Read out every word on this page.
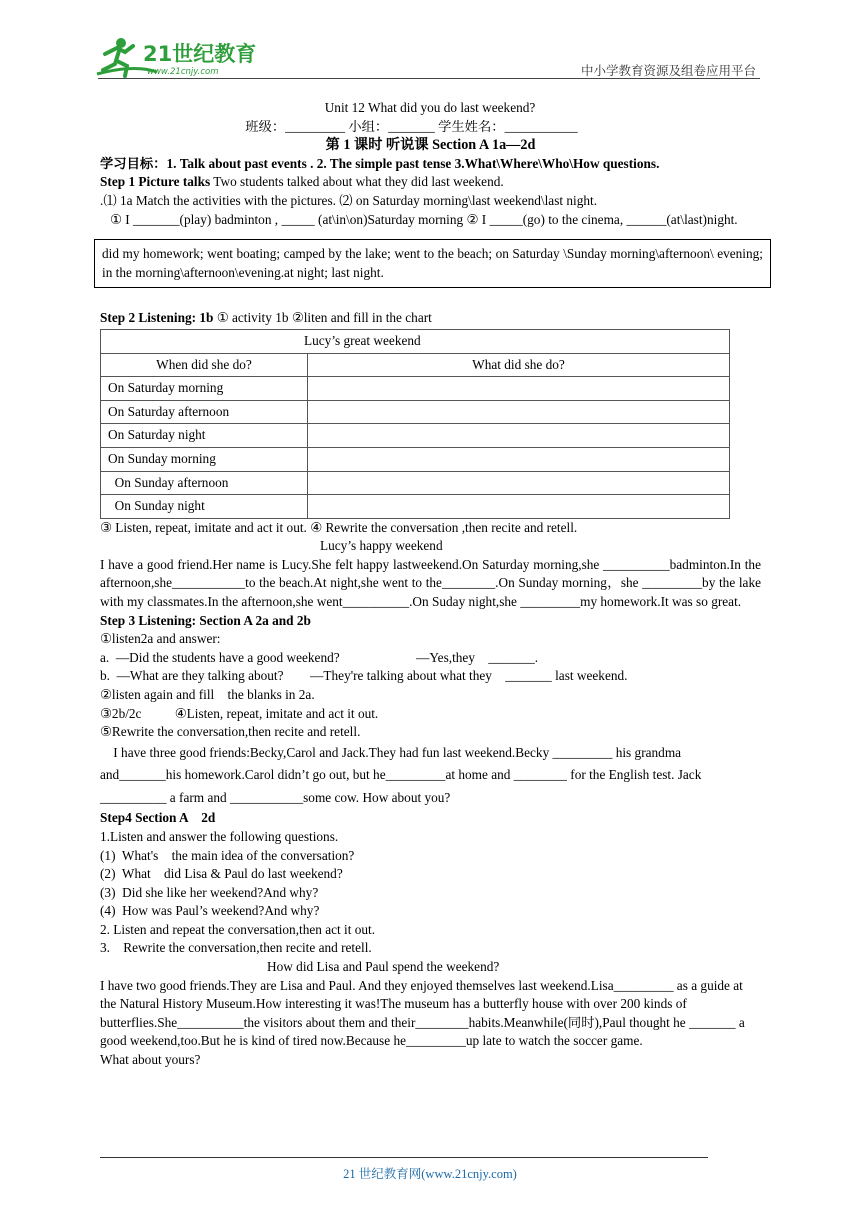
21世纪教育
www.21cnjy.com	中小学教育资源及组卷应用平台

Unit 12 What did you do last weekend?

班级：_________ 小组：_______ 学生姓名：___________

第 1 课时 听说课 Section A 1a—2d

学习目标：1. Talk about past events . 2. The simple past tense 3.What\Where\Who\How questions.

Step 1 Picture talks Two students talked about what they did last weekend.

.⑴ 1a Match the activities with the pictures. ⑵ on Saturday morning\last weekend\last night.

① I _______(play) badminton , _____ (at\in\on)Saturday morning ② I _____(go) to the cinema, ______(at\last)night.

did my homework; went boating; camped by the lake; went to the beach; on Saturday \Sunday morning\afternoon\ evening; in the morning\afternoon\evening.at night; last night.

Step 2 Listening: 1b ① activity 1b ②liten and fill in the chart

Lucy’s great weekend	
When did she do?	What did she do?
On Saturday morning	
On Saturday afternoon	
On Saturday night	
On Sunday morning	
On Sunday afternoon	
On Sunday night	

③ Listen, repeat, imitate and act it out. ④ Rewrite the conversation ,then recite and retell.

Lucy’s happy weekend

I have a good friend.Her name is Lucy.She felt happy lastweekend.On Saturday morning,she __________badminton.In the afternoon,she___________to the beach.At night,she went to the________.On Sunday morning，she _________by the lake with my classmates.In the afternoon,she went__________.On Suday night,she _________my homework.It was so great.

Step 3 Listening: Section A 2a and 2b

①listen2a and answer:

a.  —Did the students have a good weekend?                       —Yes,they    _______.

b.  —What are they talking about?        —They're talking about what they    _______ last weekend.

②listen again and fill    the blanks in 2a.

③2b/2c          ④Listen, repeat, imitate and act it out.

⑤Rewrite the conversation,then recite and retell.

I have three good friends:Becky,Carol and Jack.They had fun last weekend.Becky _________ his grandma and_______his homework.Carol didn’t go out, but he_________at home and ________ for the English test. Jack __________ a farm and ___________some cow. How about you?

Step4 Section A    2d

1.Listen and answer the following questions.

(1)  What's    the main idea of the conversation?

(2)  What    did Lisa & Paul do last weekend?

(3)  Did she like her weekend?And why?

(4)  How was Paul’s weekend?And why?

2. Listen and repeat the conversation,then act it out.

3.    Rewrite the conversation,then recite and retell.

How did Lisa and Paul spend the weekend?

I have two good friends.They are Lisa and Paul. And they enjoyed themselves last weekend.Lisa_________ as a guide at the Natural History Museum.How interesting it was!The museum has a butterfly house with over 200 kinds of butterflies.She__________the visitors about them and their________habits.Meanwhile(同时),Paul thought he _______ a good weekend,too.But he is kind of tired now.Because he_________up late to watch the soccer game.

What about yours?

21 世纪教育网(www.21cnjy.com)
